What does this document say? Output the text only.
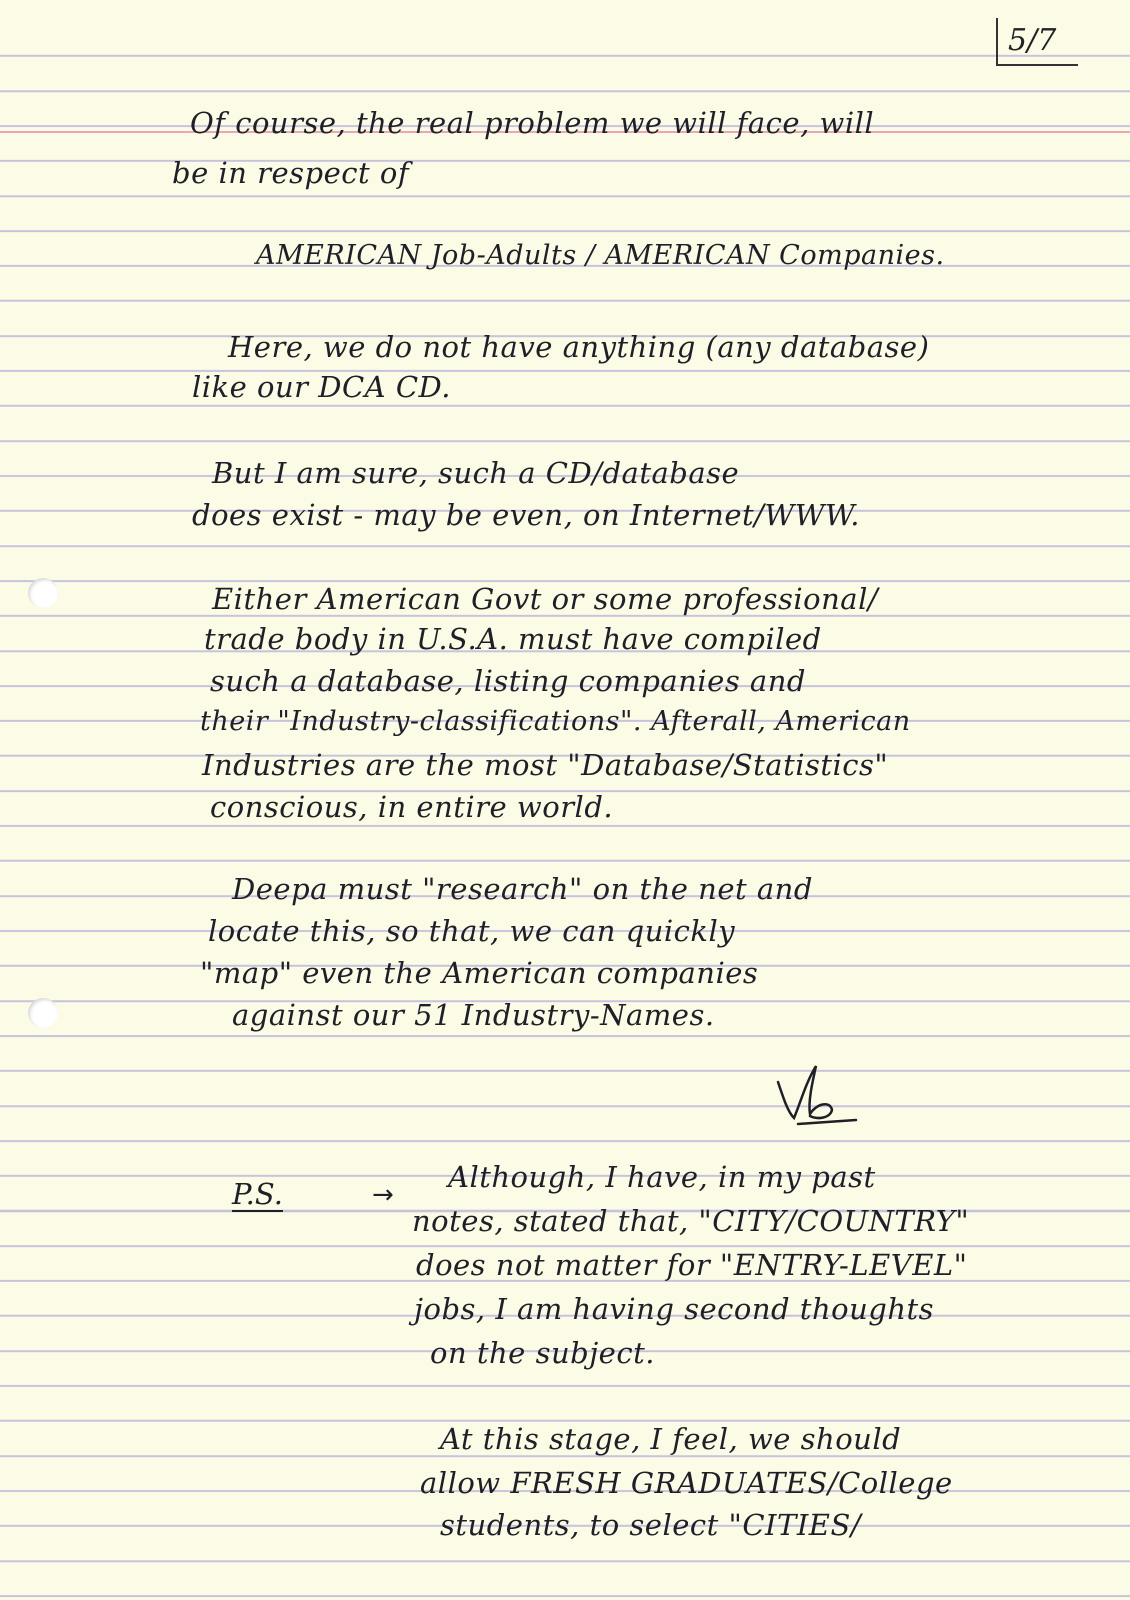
5/7

Of course, the real problem we will face, will

be in respect of

AMERICAN Job-Adults / AMERICAN Companies.

Here, we do not have anything (any database)

like our DCA CD.

But I am sure, such a CD/database

does exist - may be even, on Internet/WWW.

Either American Govt or some professional/

trade body in U.S.A. must have compiled

such a database, listing companies and

their "Industry-classifications". Afterall, American

Industries are the most "Database/Statistics"

conscious, in entire world.

Deepa must "research" on the net and

locate this, so that, we can quickly

"map" even the American companies

against our 51 Industry-Names.

P.S.	→

Although, I have, in my past

notes, stated that, "CITY/COUNTRY"

does not matter for "ENTRY-LEVEL"

jobs, I am having second thoughts

on the subject.

At this stage, I feel, we should

allow FRESH GRADUATES/College

students, to select "CITIES/
